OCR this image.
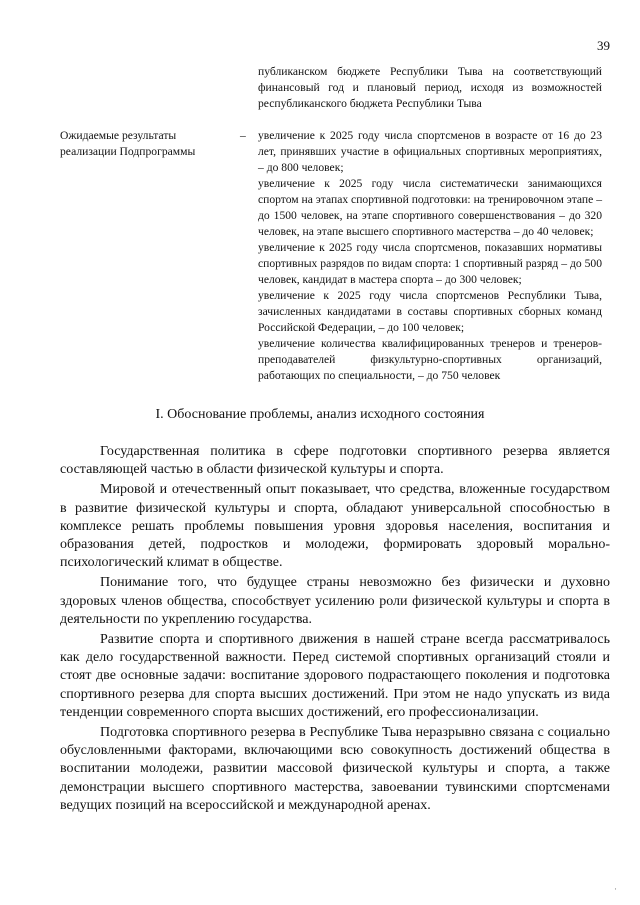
39

публиканском бюджете Республики Тыва на соответствующий финансовый год и плановый период, исходя из возможностей республиканского бюджета Республики Тыва

Ожидаемые результаты реализации Подпрограммы
– увеличение к 2025 году числа спортсменов в возрасте от 16 до 23 лет, принявших участие в официальных спортивных мероприятиях, – до 800 человек;

увеличение к 2025 году числа систематически занимающихся спортом на этапах спортивной подготовки: на тренировочном этапе – до 1500 человек, на этапе спортивного совершенствования – до 320 человек, на этапе высшего спортивного мастерства – до 40 человек;

увеличение к 2025 году числа спортсменов, показавших нормативы спортивных разрядов по видам спорта: 1 спортивный разряд – до 500 человек, кандидат в мастера спорта – до 300 человек;

увеличение к 2025 году числа спортсменов Республики Тыва, зачисленных кандидатами в составы спортивных сборных команд Российской Федерации, – до 100 человек;

увеличение количества квалифицированных тренеров и тренеров-преподавателей физкультурно-спортивных организаций, работающих по специальности, – до 750 человек

I. Обоснование проблемы, анализ исходного состояния

Государственная политика в сфере подготовки спортивного резерва является составляющей частью в области физической культуры и спорта.

Мировой и отечественный опыт показывает, что средства, вложенные государством в развитие физической культуры и спорта, обладают универсальной способностью в комплексе решать проблемы повышения уровня здоровья населения, воспитания и образования детей, подростков и молодежи, формировать здоровый морально-психологический климат в обществе.

Понимание того, что будущее страны невозможно без физически и духовно здоровых членов общества, способствует усилению роли физической культуры и спорта в деятельности по укреплению государства.

Развитие спорта и спортивного движения в нашей стране всегда рассматривалось как дело государственной важности. Перед системой спортивных организаций стояли и стоят две основные задачи: воспитание здорового подрастающего поколения и подготовка спортивного резерва для спорта высших достижений. При этом не надо упускать из вида тенденции современного спорта высших достижений, его профессионализации.

Подготовка спортивного резерва в Республике Тыва неразрывно связана с социально обусловленными факторами, включающими всю совокупность достижений общества в воспитании молодежи, развитии массовой физической культуры и спорта, а также демонстрации высшего спортивного мастерства, завоевании тувинскими спортсменами ведущих позиций на всероссийской и международной аренах.

·
